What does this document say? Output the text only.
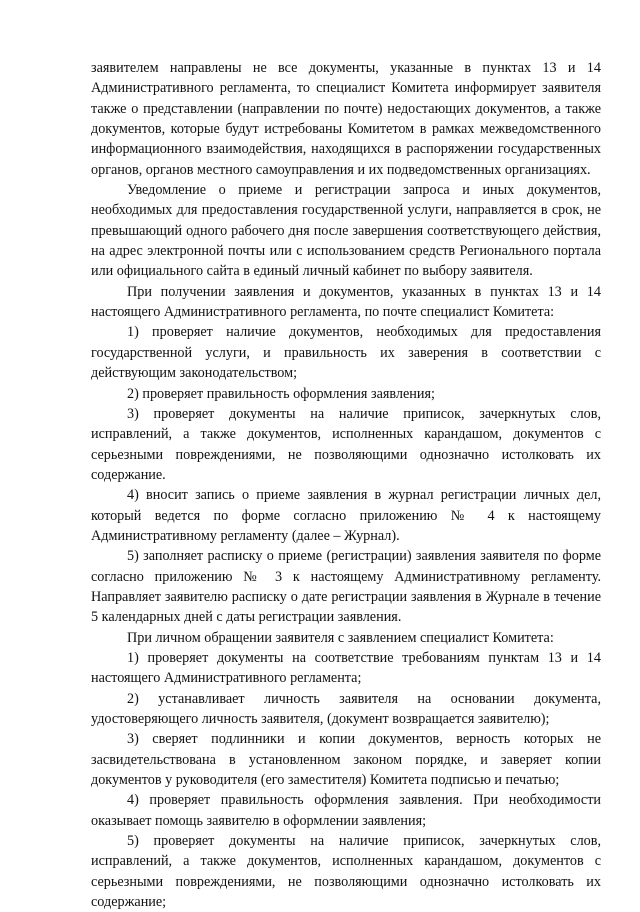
заявителем направлены не все документы, указанные в пунктах 13 и 14 Административного регламента, то специалист Комитета информирует заявителя также о представлении (направлении по почте) недостающих документов, а также документов, которые будут истребованы Комитетом в рамках межведомственного информационного взаимодействия, находящихся в распоряжении государственных органов, органов местного самоуправления и их подведомственных организациях.

Уведомление о приеме и регистрации запроса и иных документов, необходимых для предоставления государственной услуги, направляется в срок, не превышающий одного рабочего дня после завершения соответствующего действия, на адрес электронной почты или с использованием средств Регионального портала или официального сайта в единый личный кабинет по выбору заявителя.

При получении заявления и документов, указанных в пунктах 13 и 14 настоящего Административного регламента, по почте специалист Комитета:

1) проверяет наличие документов, необходимых для предоставления государственной услуги, и правильность их заверения в соответствии с действующим законодательством;

2) проверяет правильность оформления заявления;

3) проверяет документы на наличие приписок, зачеркнутых слов, исправлений, а также документов, исполненных карандашом, документов с серьезными повреждениями, не позволяющими однозначно истолковать их содержание.

4) вносит запись о приеме заявления в журнал регистрации личных дел, который ведется по форме согласно приложению № 4 к настоящему Административному регламенту (далее – Журнал).

5) заполняет расписку о приеме (регистрации) заявления заявителя по форме согласно приложению № 3 к настоящему Административному регламенту. Направляет заявителю расписку о дате регистрации заявления в Журнале в течение 5 календарных дней с даты регистрации заявления.

При личном обращении заявителя с заявлением специалист Комитета:

1) проверяет документы на соответствие требованиям пунктам 13 и 14 настоящего Административного регламента;

2) устанавливает личность заявителя на основании документа, удостоверяющего личность заявителя, (документ возвращается заявителю);

3) сверяет подлинники и копии документов, верность которых не засвидетельствована в установленном законом порядке, и заверяет копии документов у руководителя (его заместителя) Комитета подписью и печатью;

4) проверяет правильность оформления заявления. При необходимости оказывает помощь заявителю в оформлении заявления;

5) проверяет документы на наличие приписок, зачеркнутых слов, исправлений, а также документов, исполненных карандашом, документов с серьезными повреждениями, не позволяющими однозначно истолковать их содержание;
